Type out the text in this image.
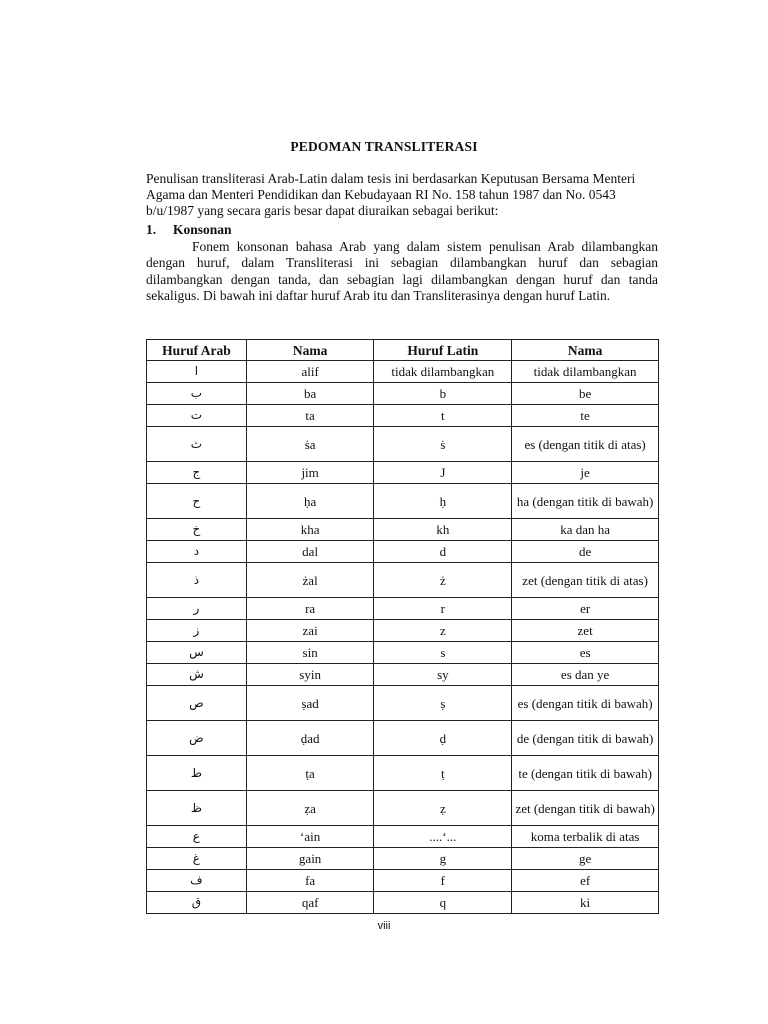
PEDOMAN TRANSLITERASI

Penulisan transliterasi Arab-Latin dalam tesis ini berdasarkan Keputusan Bersama Menteri Agama dan Menteri Pendidikan dan Kebudayaan RI No. 158 tahun 1987 dan No. 0543 b/u/1987 yang secara garis besar dapat diuraikan sebagai berikut:

1. Konsonan

Fonem konsonan bahasa Arab yang dalam sistem penulisan Arab dilambangkan dengan huruf, dalam Transliterasi ini sebagian dilambangkan huruf dan sebagian dilambangkan dengan tanda, dan sebagian lagi dilambangkan dengan huruf dan tanda sekaligus. Di bawah ini daftar huruf Arab itu dan Transliterasinya dengan huruf Latin.

Huruf Arab	Nama	Huruf Latin	Nama
ا	alif	tidak dilambangkan	tidak dilambangkan
ب	ba	b	be
ت	ta	t	te
ث	ṡa	ṡ	es (dengan titik di atas)
ج	jim	J	je
ح	ḥa	ḥ	ha (dengan titik di bawah)
خ	kha	kh	ka dan ha
د	dal	d	de
ذ	żal	ż	zet (dengan titik di atas)
ر	ra	r	er
ز	zai	z	zet
س	sin	s	es
ش	syin	sy	es dan ye
ص	ṣad	ṣ	es (dengan titik di bawah)
ض	ḍad	ḍ	de (dengan titik di bawah)
ط	ṭa	ṭ	te (dengan titik di bawah)
ظ	ẓa	ẓ	zet (dengan titik di bawah)
ع	‘ain	....‘...	koma terbalik di atas
غ	gain	g	ge
ف	fa	f	ef
ق	qaf	q	ki
viii
